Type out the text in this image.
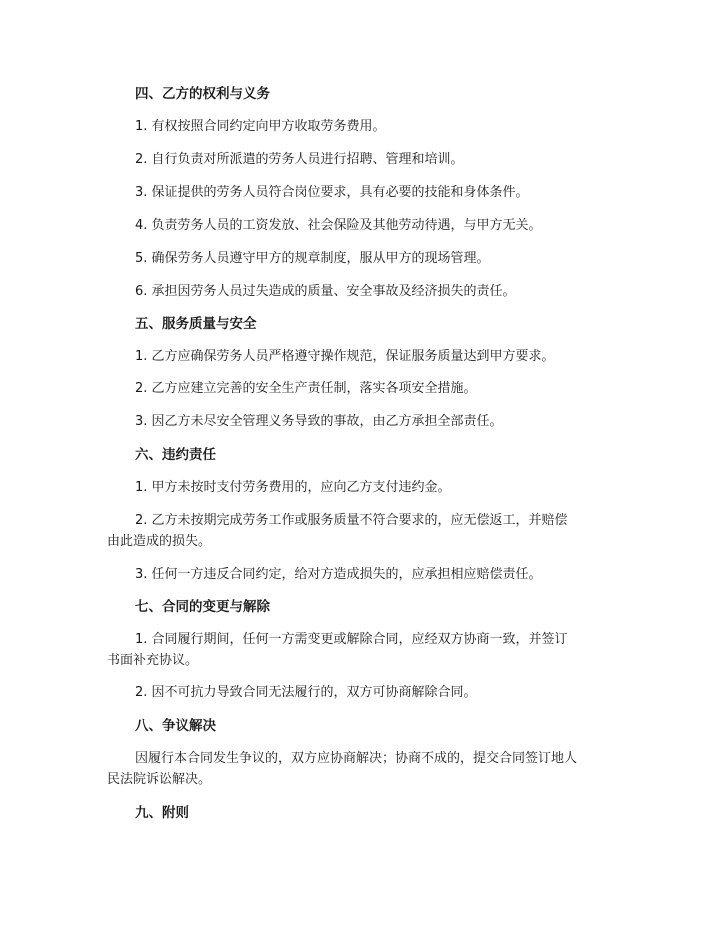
四、乙方的权利与义务
1. 有权按照合同约定向甲方收取劳务费用。
2. 自行负责对所派遣的劳务人员进行招聘、管理和培训。
3. 保证提供的劳务人员符合岗位要求，具有必要的技能和身体条件。
4. 负责劳务人员的工资发放、社会保险及其他劳动待遇，与甲方无关。
5. 确保劳务人员遵守甲方的规章制度，服从甲方的现场管理。
6. 承担因劳务人员过失造成的质量、安全事故及经济损失的责任。
五、服务质量与安全
1. 乙方应确保劳务人员严格遵守操作规范，保证服务质量达到甲方要求。
2. 乙方应建立完善的安全生产责任制，落实各项安全措施。
3. 因乙方未尽安全管理义务导致的事故，由乙方承担全部责任。
六、违约责任
1. 甲方未按时支付劳务费用的，应向乙方支付违约金。
2. 乙方未按期完成劳务工作或服务质量不符合要求的，应无偿返工，并赔偿
由此造成的损失。
3. 任何一方违反合同约定，给对方造成损失的，应承担相应赔偿责任。
七、合同的变更与解除
1. 合同履行期间，任何一方需变更或解除合同，应经双方协商一致，并签订
书面补充协议。
2. 因不可抗力导致合同无法履行的，双方可协商解除合同。
八、争议解决
因履行本合同发生争议的，双方应协商解决；协商不成的，提交合同签订地人
民法院诉讼解决。
九、附则
